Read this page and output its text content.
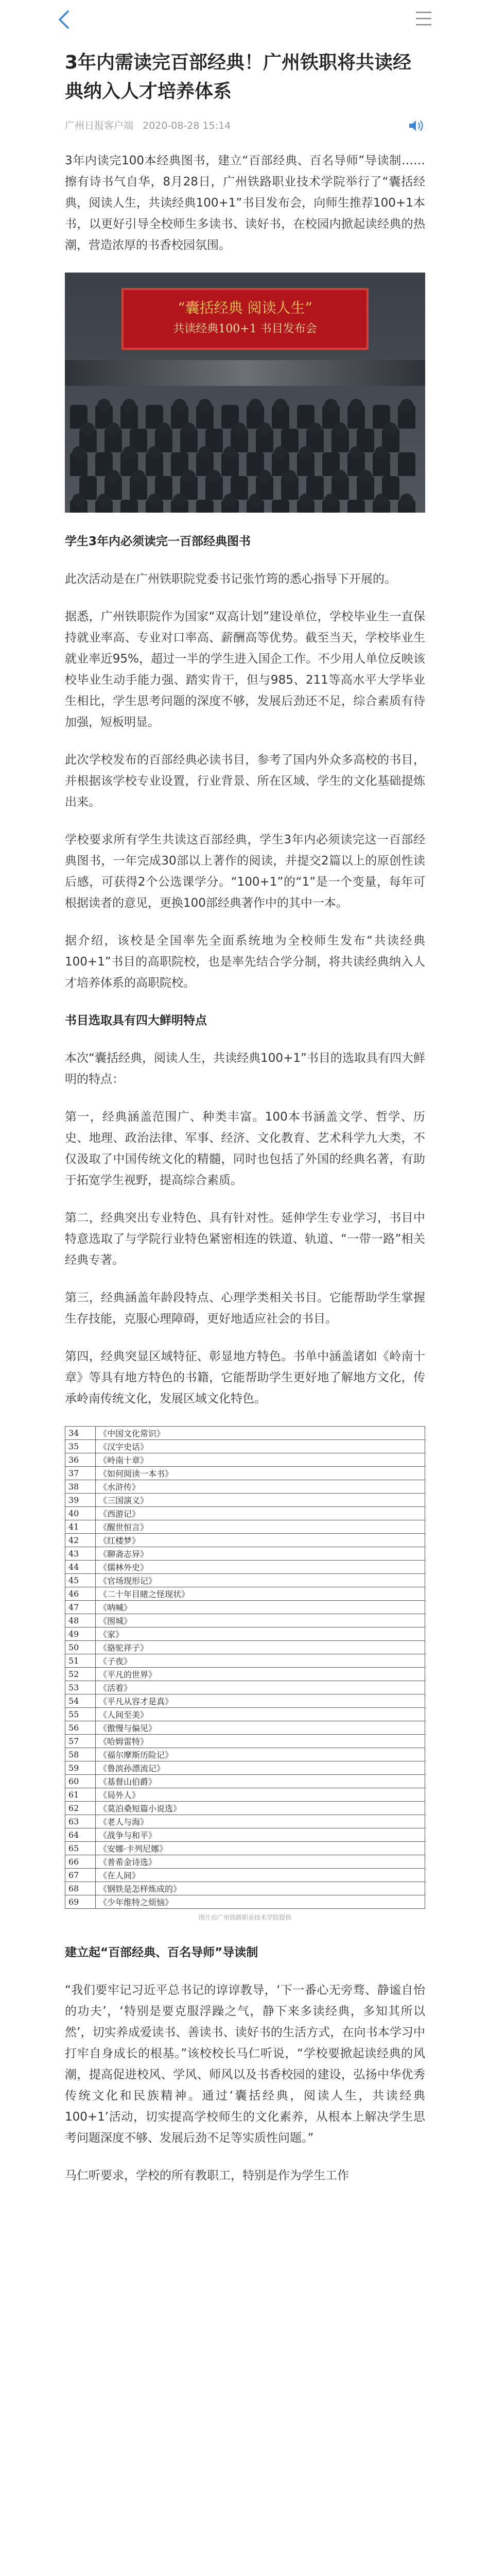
3年内需读完百部经典！广州铁职将共读经典纳入人才培养体系
广州日报客户端 2020-08-28 15:14

3年内读完100本经典图书，建立“百部经典、百名导师”导读制……擦有诗书气自华，8月28日，广州铁路职业技术学院举行了“囊括经典，阅读人生，共读经典100+1”书目发布会，向师生推荐100+1本书，以更好引导全校师生多读书、读好书，在校园内掀起读经典的热潮，营造浓厚的书香校园氛围。

“囊括经典 阅读人生”
共读经典100+1 书目发布会
学生3年内必须读完一百部经典图书

此次活动是在广州铁职院党委书记张竹筠的悉心指导下开展的。

据悉，广州铁职院作为国家“双高计划”建设单位，学校毕业生一直保持就业率高、专业对口率高、薪酬高等优势。截至当天，学校毕业生就业率近95%，超过一半的学生进入国企工作。不少用人单位反映该校毕业生动手能力强、踏实肯干，但与985、211等高水平大学毕业生相比，学生思考问题的深度不够，发展后劲还不足，综合素质有待加强，短板明显。

此次学校发布的百部经典必读书目，参考了国内外众多高校的书目，并根据该学校专业设置，行业背景、所在区域、学生的文化基础提炼出来。

学校要求所有学生共读这百部经典，学生3年内必须读完这一百部经典图书，一年完成30部以上著作的阅读，并提交2篇以上的原创性读后感，可获得2个公选课学分。“100+1”的“1”是一个变量，每年可根据读者的意见，更换100部经典著作中的其中一本。

据介绍，该校是全国率先全面系统地为全校师生发布“共读经典100+1”书目的高职院校，也是率先结合学分制，将共读经典纳入人才培养体系的高职院校。

书目选取具有四大鲜明特点

本次“囊括经典，阅读人生，共读经典100+1”书目的选取具有四大鲜明的特点：

第一，经典涵盖范围广、种类丰富。100本书涵盖文学、哲学、历史、地理、政治法律、军事、经济、文化教育、艺术科学九大类，不仅汲取了中国传统文化的精髓，同时也包括了外国的经典名著，有助于拓宽学生视野，提高综合素质。

第二，经典突出专业特色、具有针对性。延伸学生专业学习，书目中特意选取了与学院行业特色紧密相连的铁道、轨道、“一带一路”相关经典专著。

第三，经典涵盖年龄段特点、心理学类相关书目。它能帮助学生掌握生存技能，克服心理障碍，更好地适应社会的书目。

第四，经典突显区域特征、彰显地方特色。书单中涵盖诸如《岭南十章》等具有地方特色的书籍，它能帮助学生更好地了解地方文化，传承岭南传统文化，发展区域文化特色。

34	《中国文化常识》
35	《汉字史话》
36	《岭南十章》
37	《如何阅读一本书》
38	《水浒传》
39	《三国演义》
40	《西游记》
41	《醒世恒言》
42	《红楼梦》
43	《聊斋志异》
44	《儒林外史》
45	《官场现形记》
46	《二十年目睹之怪现状》
47	《呐喊》
48	《围城》
49	《家》
50	《骆驼祥子》
51	《子夜》
52	《平凡的世界》
53	《活着》
54	《平凡从容才是真》
55	《人间至美》
56	《傲慢与偏见》
57	《哈姆雷特》
58	《福尔摩斯历险记》
59	《鲁滨孙漂流记》
60	《基督山伯爵》
61	《局外人》
62	《莫泊桑短篇小说选》
63	《老人与海》
64	《战争与和平》
65	《安娜·卡列尼娜》
66	《普希金诗选》
67	《在人间》
68	《钢铁是怎样炼成的》
69	《少年维特之烦恼》
图片由广州铁路职业技术学院提供
建立起“百部经典、百名导师”导读制

“我们要牢记习近平总书记的谆谆教导，‘下一番心无旁骛、静谧自怡的功夫’，‘特别是要克服浮躁之气，静下来多读经典，多知其所以然’，切实养成爱读书、善读书、读好书的生活方式，在向书本学习中打牢自身成长的根基。”该校校长马仁听说，“学校要掀起读经典的风潮，提高促进校风、学风、师风以及书香校园的建设，弘扬中华优秀传统文化和民族精神。通过‘囊括经典，阅读人生，共读经典100+1’活动，切实提高学校师生的文化素养，从根本上解决学生思考问题深度不够、发展后劲不足等实质性问题。”

马仁听要求，学校的所有教职工，特别是作为学生工作
